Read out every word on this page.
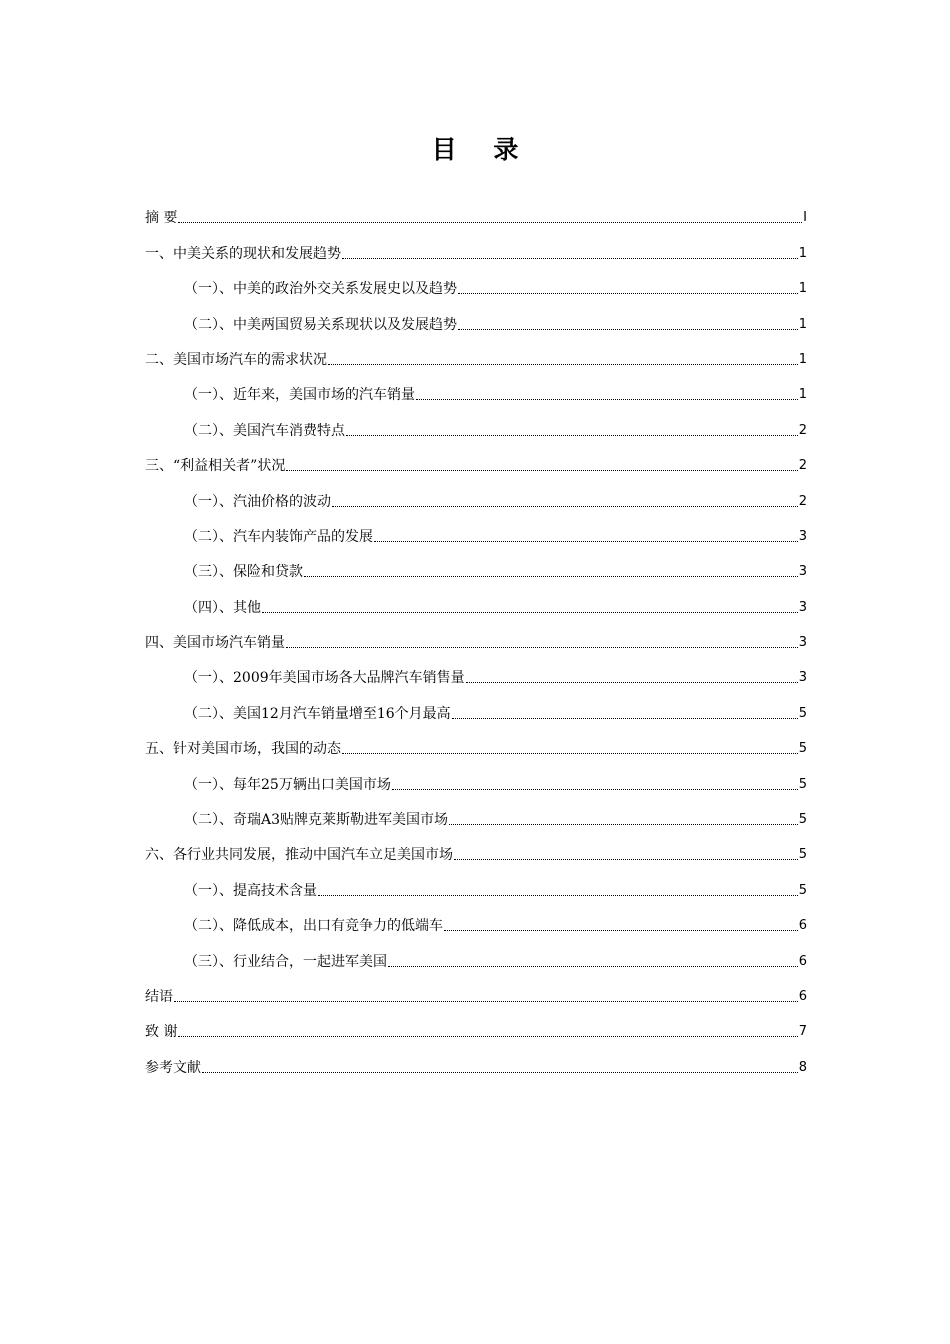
目 录
摘 要	I
一、中美关系的现状和发展趋势	1
（一）、中美的政治外交关系发展史以及趋势	1
（二）、中美两国贸易关系现状以及发展趋势	1
二、美国市场汽车的需求状况	1
（一）、近年来，美国市场的汽车销量	1
（二）、美国汽车消费特点	2
三、“利益相关者”状况	2
（一）、汽油价格的波动	2
（二）、汽车内装饰产品的发展	3
（三）、保险和贷款	3
（四）、其他	3
四、美国市场汽车销量	3
（一）、2009年美国市场各大品牌汽车销售量	3
（二）、美国12月汽车销量增至16个月最高	5
五、针对美国市场，我国的动态	5
（一）、每年25万辆出口美国市场	5
（二）、奇瑞A3贴牌克莱斯勒进军美国市场	5
六、各行业共同发展，推动中国汽车立足美国市场	5
（一）、提高技术含量	5
（二）、降低成本，出口有竞争力的低端车	6
（三）、行业结合，一起进军美国	6
结语	6
致 谢	7
参考文献	8
